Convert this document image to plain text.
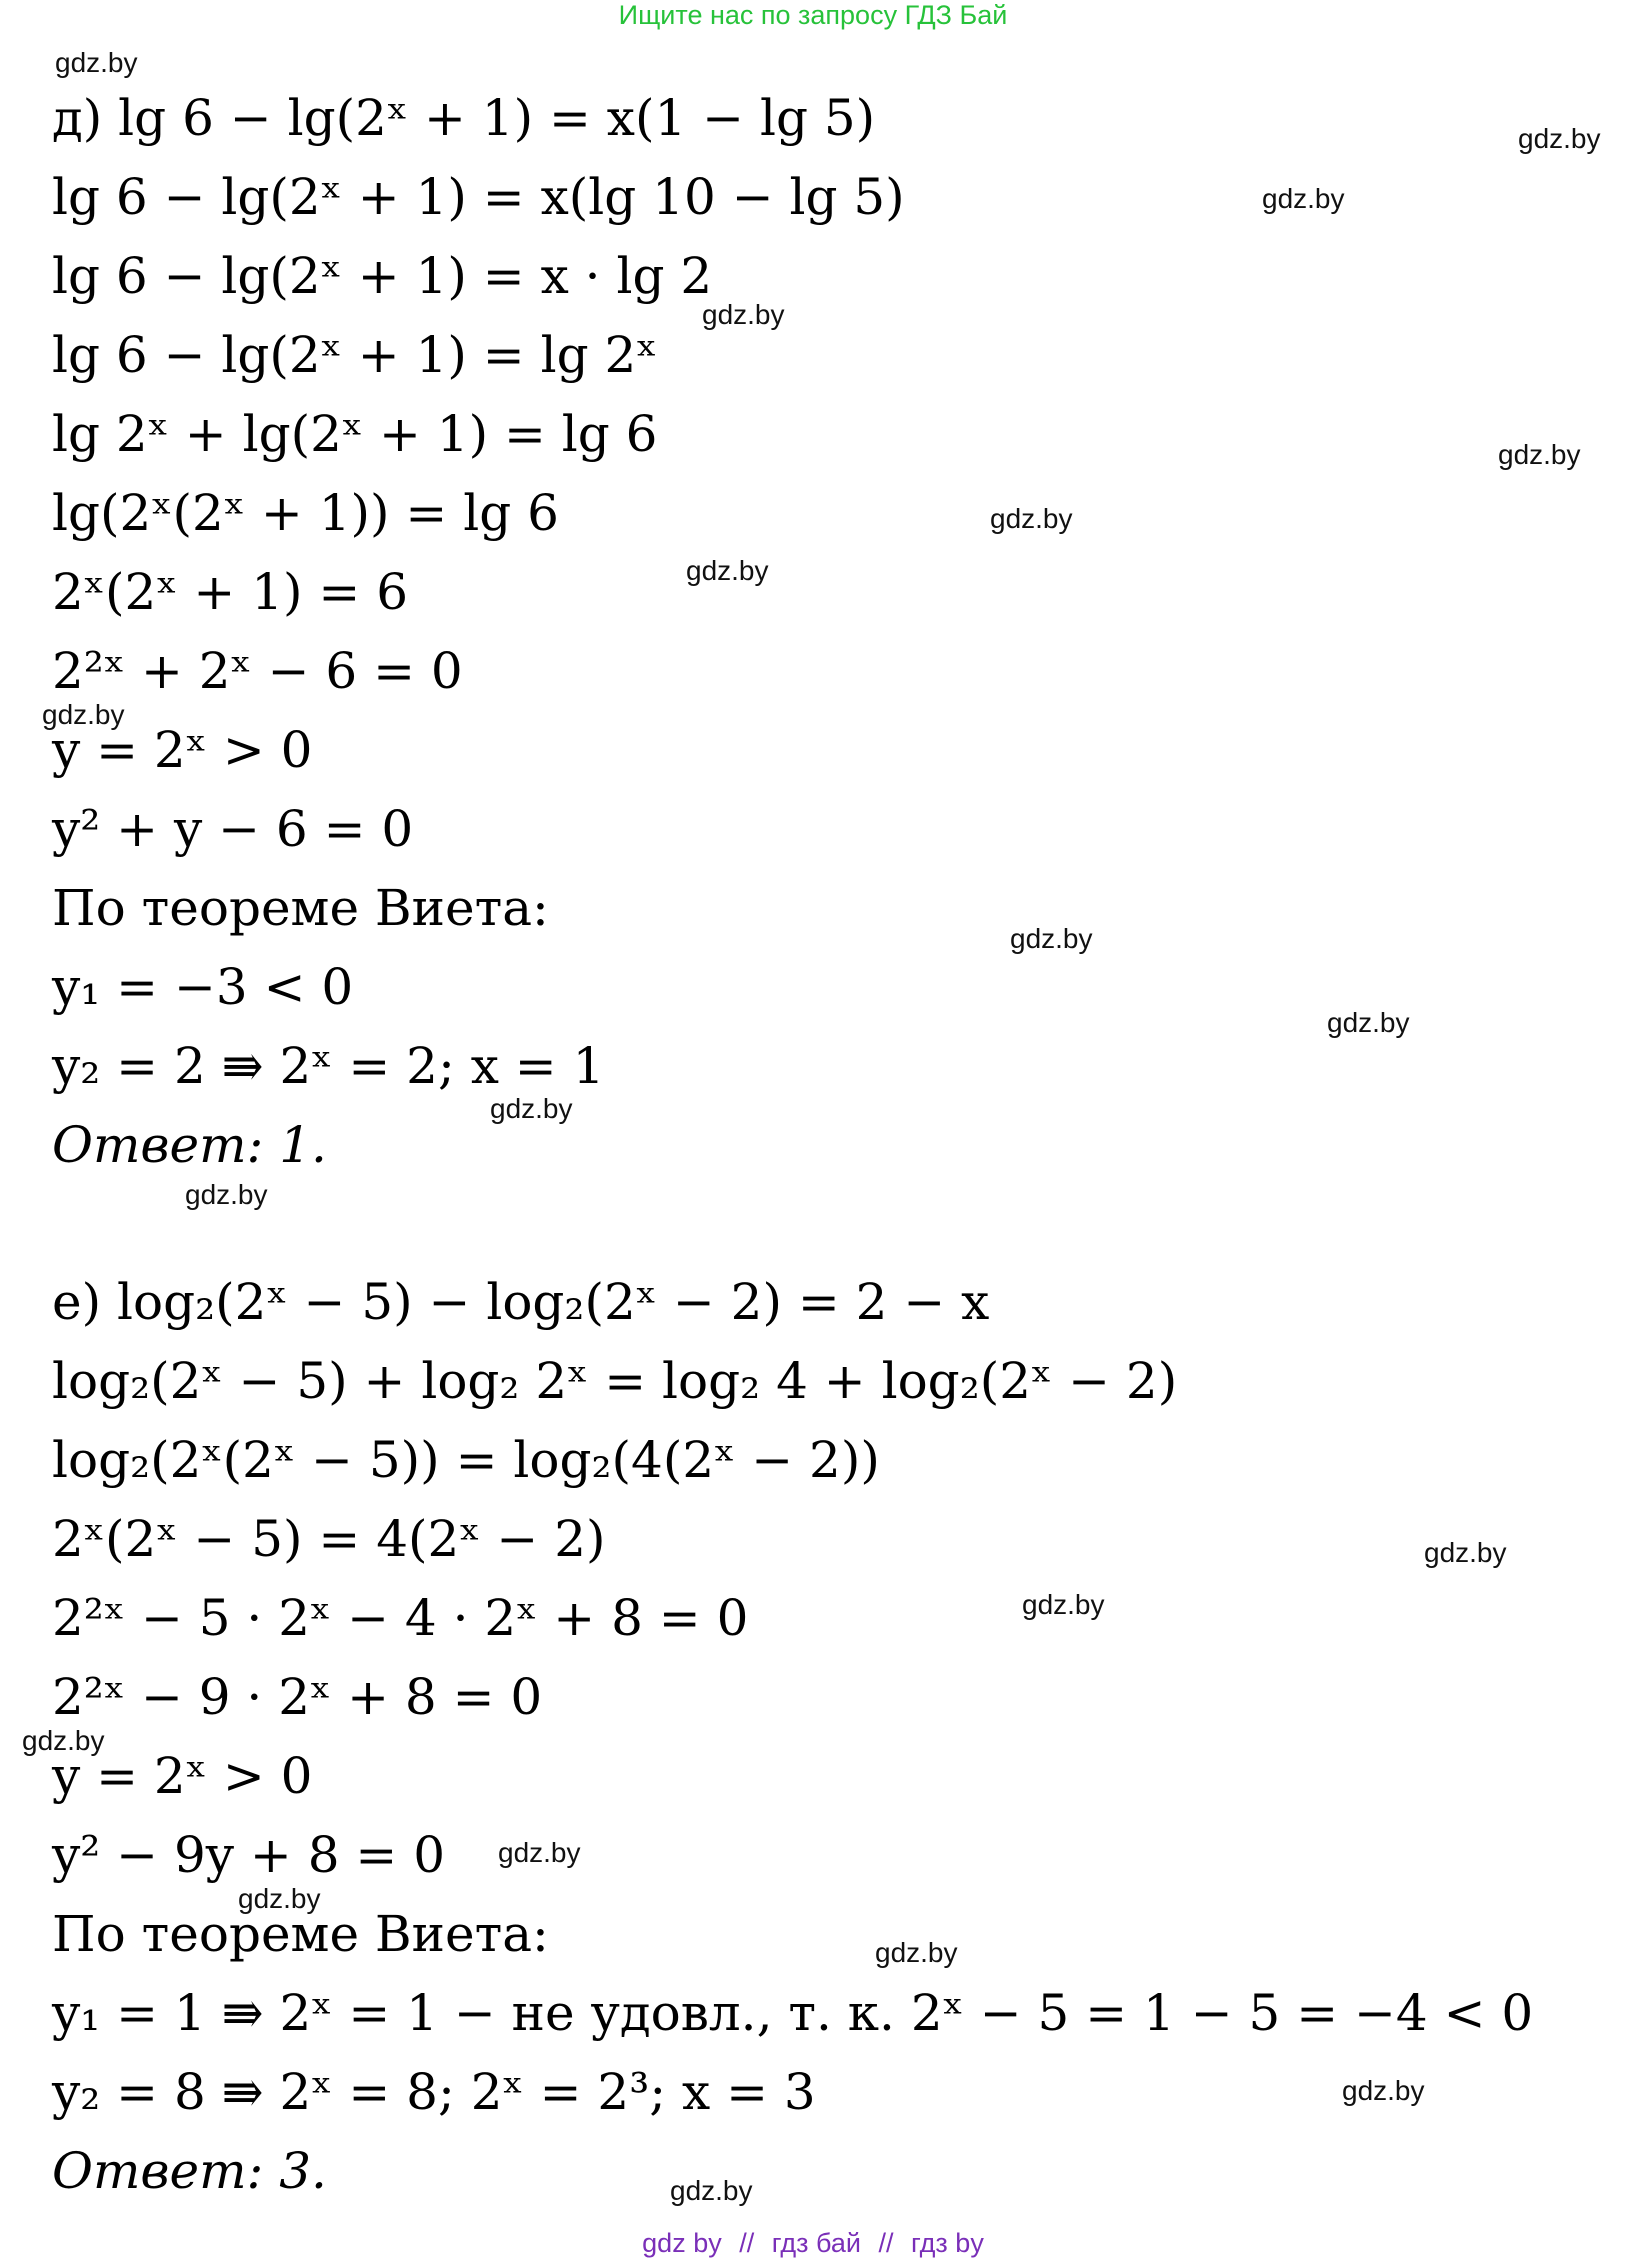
Ищите нас по запросу ГДЗ Бай
д) lg 6 − lg(2ˣ + 1) = x(1 − lg 5)
lg 6 − lg(2ˣ + 1) = x(lg 10 − lg 5)
lg 6 − lg(2ˣ + 1) = x · lg 2
lg 6 − lg(2ˣ + 1) = lg 2ˣ
lg 2ˣ + lg(2ˣ + 1) = lg 6
lg(2ˣ(2ˣ + 1)) = lg 6
2ˣ(2ˣ + 1) = 6
2²ˣ + 2ˣ − 6 = 0
y = 2ˣ > 0
y² + y − 6 = 0
По теореме Виета:
y₁ = −3 < 0
y₂ = 2 ⇛ 2ˣ = 2; x = 1
Ответ: 1.
е) log₂(2ˣ − 5) − log₂(2ˣ − 2) = 2 − x
log₂(2ˣ − 5) + log₂ 2ˣ = log₂ 4 + log₂(2ˣ − 2)
log₂(2ˣ(2ˣ − 5)) = log₂(4(2ˣ − 2))
2ˣ(2ˣ − 5) = 4(2ˣ − 2)
2²ˣ − 5 · 2ˣ − 4 · 2ˣ + 8 = 0
2²ˣ − 9 · 2ˣ + 8 = 0
y = 2ˣ > 0
y² − 9y + 8 = 0
По теореме Виета:
y₁ = 1 ⇛ 2ˣ = 1 − не удовл., т. к. 2ˣ − 5 = 1 − 5 = −4 < 0
y₂ = 8 ⇛ 2ˣ = 8; 2ˣ = 2³; x = 3
Ответ: 3.
gdz.by
gdz.by
gdz.by
gdz.by
gdz.by
gdz.by
gdz.by
gdz.by
gdz.by
gdz.by
gdz.by
gdz.by
gdz.by
gdz.by
gdz.by
gdz.by
gdz.by
gdz.by
gdz.by
gdz.by
gdz by // гдз бай // гдз by
